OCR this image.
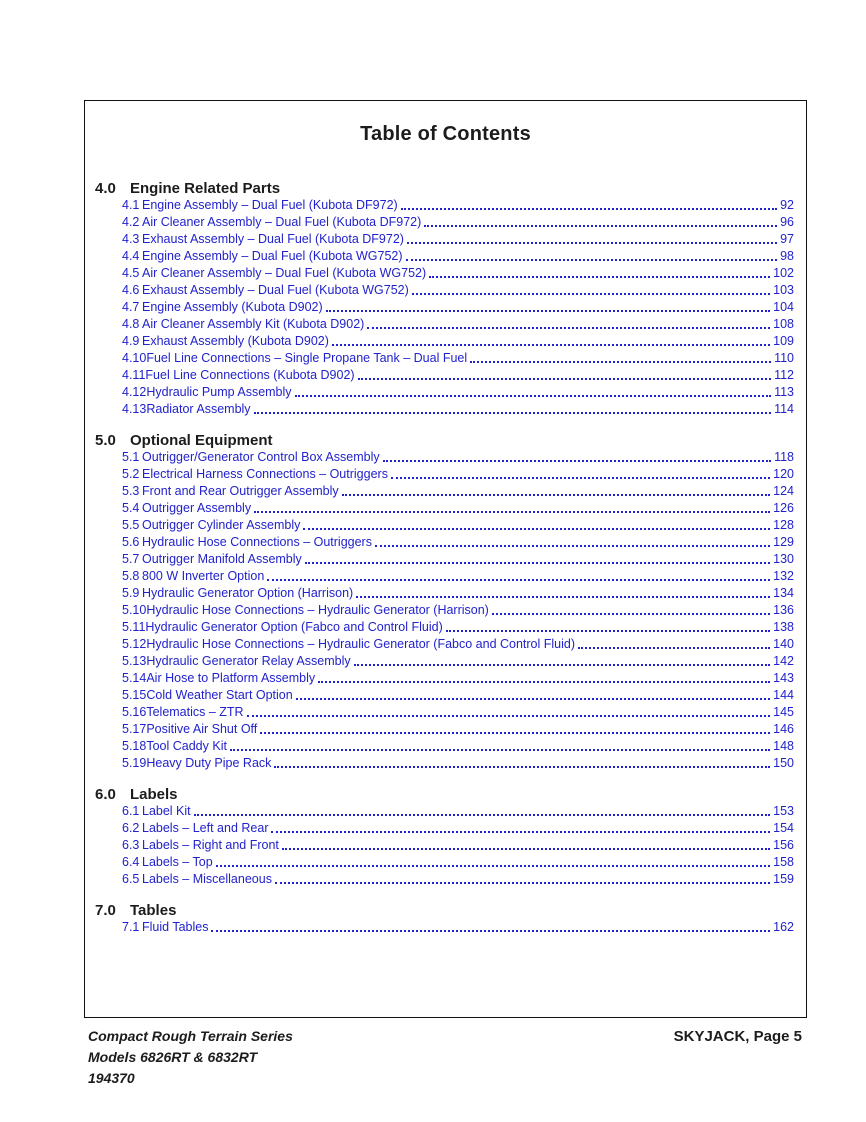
Table of Contents
4.0 Engine Related Parts
4.1 Engine Assembly – Dual Fuel (Kubota DF972)	92
4.2 Air Cleaner Assembly – Dual Fuel (Kubota DF972)	96
4.3 Exhaust Assembly – Dual Fuel (Kubota DF972)	97
4.4 Engine Assembly – Dual Fuel (Kubota WG752)	98
4.5 Air Cleaner Assembly – Dual Fuel (Kubota WG752)	102
4.6 Exhaust Assembly – Dual Fuel (Kubota WG752)	103
4.7 Engine Assembly (Kubota D902)	104
4.8 Air Cleaner Assembly Kit (Kubota D902)	108
4.9 Exhaust Assembly (Kubota D902)	109
4.10 Fuel Line Connections – Single Propane Tank – Dual Fuel	110
4.11 Fuel Line Connections (Kubota D902)	112
4.12 Hydraulic Pump Assembly	113
4.13 Radiator Assembly	114
5.0 Optional Equipment
5.1 Outrigger/Generator Control Box Assembly	118
5.2 Electrical Harness Connections – Outriggers	120
5.3 Front and Rear Outrigger Assembly	124
5.4 Outrigger Assembly	126
5.5 Outrigger Cylinder Assembly	128
5.6 Hydraulic Hose Connections – Outriggers	129
5.7 Outrigger Manifold Assembly	130
5.8 800 W Inverter Option	132
5.9 Hydraulic Generator Option (Harrison)	134
5.10 Hydraulic Hose Connections – Hydraulic Generator (Harrison)	136
5.11 Hydraulic Generator Option (Fabco and Control Fluid)	138
5.12 Hydraulic Hose Connections – Hydraulic Generator (Fabco and Control Fluid)	140
5.13 Hydraulic Generator Relay Assembly	142
5.14 Air Hose to Platform Assembly	143
5.15 Cold Weather Start Option	144
5.16 Telematics – ZTR	145
5.17 Positive Air Shut Off	146
5.18 Tool Caddy Kit	148
5.19 Heavy Duty Pipe Rack	150
6.0 Labels
6.1 Label Kit	153
6.2 Labels – Left and Rear	154
6.3 Labels – Right and Front	156
6.4 Labels – Top	158
6.5 Labels – Miscellaneous	159
7.0 Tables
7.1 Fluid Tables	162
Compact Rough Terrain Series
Models 6826RT & 6832RT
194370
SKYJACK, Page 5
